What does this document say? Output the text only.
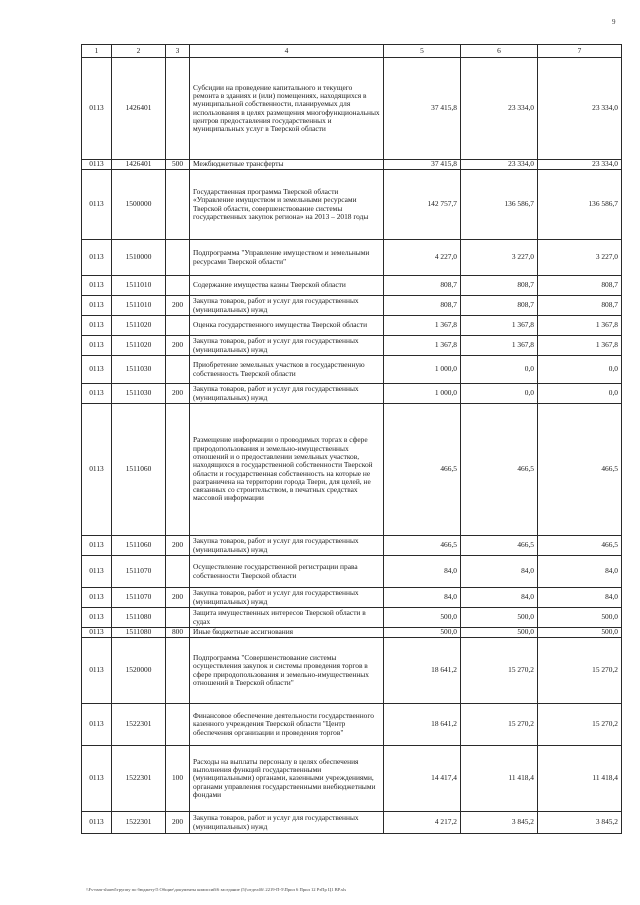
9
1	2	3	4	5	6	7
0113	1426401		Субсидии на проведение капитального и текущего ремонта в зданиях и (или) помещениях, находящихся в муниципальной собственности, планируемых для использования в целях размещения многофункциональных центров предоставления государственных и муниципальных услуг в Тверской области	37 415,8	23 334,0	23 334,0
0113	1426401	500	Межбюджетные трансферты	37 415,8	23 334,0	23 334,0
0113	1500000		Государственная программа Тверской области «Управление имуществом и земельными ресурсами Тверской области, совершенствование системы государственных закупок региона» на 2013 – 2018 годы	142 757,7	136 586,7	136 586,7
0113	1510000		Подпрограмма "Управление имуществом и земельными ресурсами Тверской области"	4 227,0	3 227,0	3 227,0
0113	1511010		Содержание имущества казны Тверской области	808,7	808,7	808,7
0113	1511010	200	Закупка товаров, работ и услуг для государственных (муниципальных) нужд	808,7	808,7	808,7
0113	1511020		Оценка государственного имущества Тверской области	1 367,8	1 367,8	1 367,8
0113	1511020	200	Закупка товаров, работ и услуг для государственных (муниципальных) нужд	1 367,8	1 367,8	1 367,8
0113	1511030		Приобретение земельных участков в государственную собственность Тверской области	1 000,0	0,0	0,0
0113	1511030	200	Закупка товаров, работ и услуг для государственных (муниципальных) нужд	1 000,0	0,0	0,0
0113	1511060		Размещение информации о проводимых торгах в сфере природопользования и земельно-имущественных отношений и о предоставлении земельных участков, находящихся в государственной собственности Тверской области и государственная собственность на которые не разграничена на территории города Твери, для целей, не связанных со строительством, в печатных средствах массовой информации	466,5	466,5	466,5
0113	1511060	200	Закупка товаров, работ и услуг для государственных (муниципальных) нужд	466,5	466,5	466,5
0113	1511070		Осуществление государственной регистрации права собственности Тверской области	84,0	84,0	84,0
0113	1511070	200	Закупка товаров, работ и услуг для государственных (муниципальных) нужд	84,0	84,0	84,0
0113	1511080		Защита имущественных интересов Тверской области в судах	500,0	500,0	500,0
0113	1511080	800	Иные бюджетные ассигнования	500,0	500,0	500,0
0113	1520000		Подпрограмма "Совершенствование системы осуществления закупок и системы проведения торгов в сфере природопользования и земельно-имущественных отношений в Тверской области"	18 641,2	15 270,2	15 270,2
0113	1522301		Финансовое обеспечение деятельности государственного казенного учреждения Тверской области "Центр обеспечения организации и проведения торгов"	18 641,2	15 270,2	15 270,2
0113	1522301	100	Расходы на выплаты персоналу в целях обеспечения выполнения функций государственными (муниципальными) органами, казенными учреждениями, органами управления государственными внебюджетными фондами	14 417,4	11 418,4	11 418,4
0113	1522301	200	Закупка товаров, работ и услуг для государственных (муниципальных) нужд	4 217,2	3 845,2	3 845,2
\\Fs-nsm-shared\группу по бюджету\5 Общие\документы комиссий\6 заседание (5)\отдел46\ 2219-П-5\Прил 6 Прил 12 РзПр Ц1 ВР.xls
